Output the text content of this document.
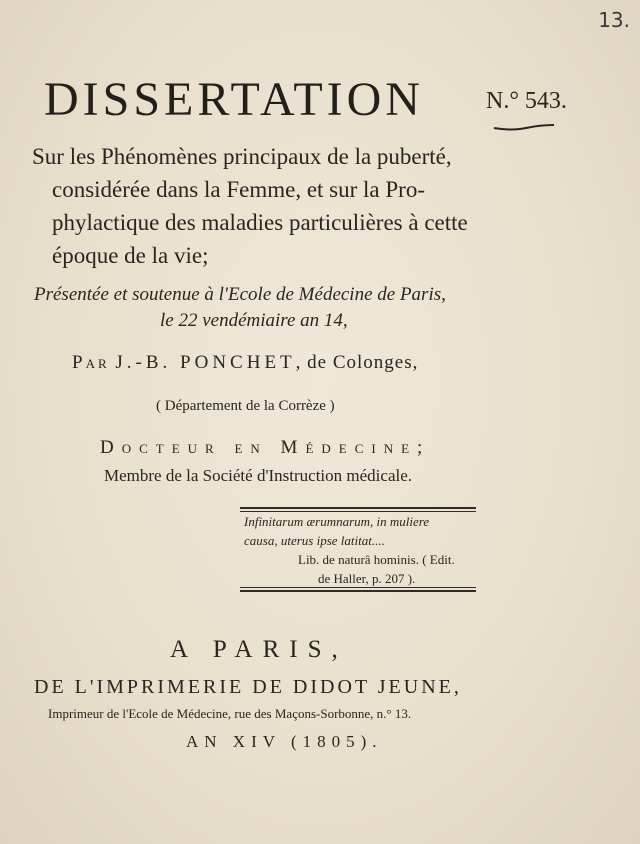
13.
DISSERTATION	N.° 543.
Sur les Phénomènes principaux de la puberté,
considérée dans la Femme, et sur la Pro-
phylactique des maladies particulières à cette
époque de la vie;
Présentée et soutenue à l'Ecole de Médecine de Paris,
le 22 vendémiaire an 14,
Par J.-B. PONCHET, de Colonges,
( Département de la Corrèze )
Docteur en Médecine;
Membre de la Société d'Instruction médicale.
Infinitarum ærumnarum, in muliere
causa, uterus ipse latitat....
Lib. de naturâ hominis. ( Edit.
de Haller, p. 207 ).
A PARIS,
DE L'IMPRIMERIE DE DIDOT JEUNE,
Imprimeur de l'Ecole de Médecine, rue des Maçons-Sorbonne, n.° 13.
AN XIV (1805).
